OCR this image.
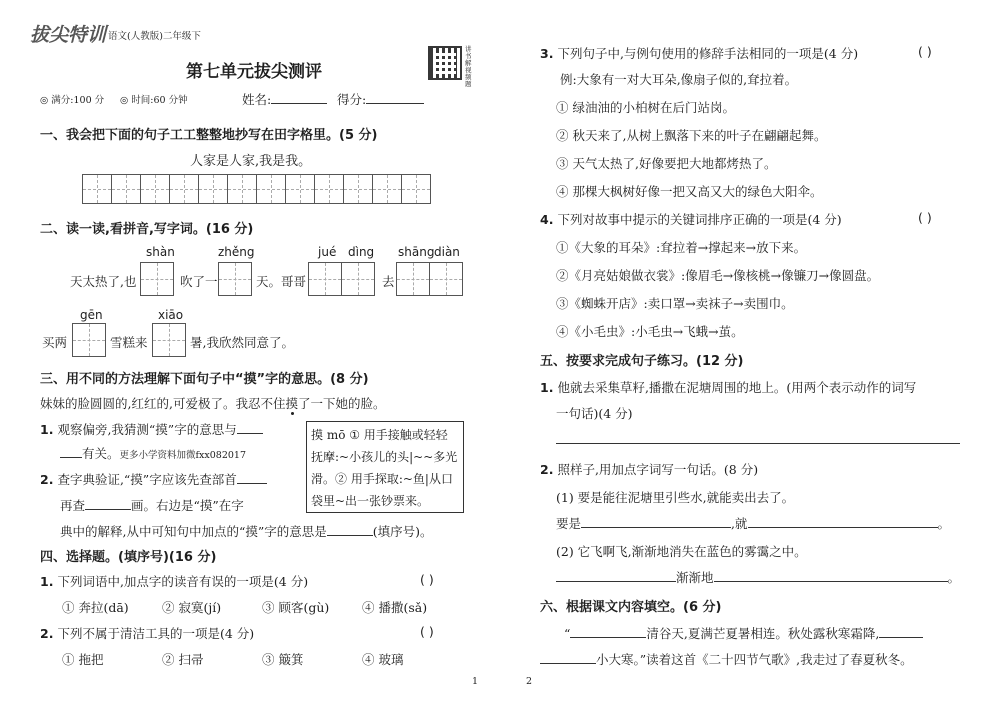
拔尖特训 语文(人教版)二年级下
第七单元拔尖测评
讲书解视频题
◎ 满分:100 分 ◎ 时间:60 分钟	姓名:	得分:
一、我会把下面的句子工工整整地抄写在田字格里。(5 分)
人家是人家,我是我。
二、读一读,看拼音,写字词。(16 分)
shàn	zhěng	jué dìng shāng diàn
天太热了,也	吹了一	天。哥哥	去
gēn	xiāo
买两	雪糕来	暑,我欣然同意了。
三、用不同的方法理解下面句子中“摸”字的意思。(8 分)
妹妹的脸圆圆的,红红的,可爱极了。我忍不住摸了一下她的脸。
1. 观察偏旁,我猜测“摸”字的意思与
有关。更多小学资料加微fxx082017
2. 查字典验证,“摸”字应该先查部首
再查	画。右边是“摸”在字
典中的解释,从中可知句中加点的“摸”字的意思是	(填序号)。
摸 mō ① 用手接触或轻轻抚摩:~小孩儿的头|~~多光滑。② 用手探取:~鱼|从口袋里~出一张钞票来。
四、选择题。(填序号)(16 分)
1. 下列词语中,加点字的读音有误的一项是(4 分)	( )
① 奔拉(dā)	② 寂寞(jí)	③ 顾客(gù)	④ 播撒(sǎ)
2. 下列不属于清洁工具的一项是(4 分)	( )
① 拖把	② 扫帚	③ 簸箕	④ 玻璃
1
3. 下列句子中,与例句使用的修辞手法相同的一项是(4 分)	( )
例:大象有一对大耳朵,像扇子似的,耷拉着。
① 绿油油的小柏树在后门站岗。
② 秋天来了,从树上飘落下来的叶子在翩翩起舞。
③ 天气太热了,好像要把大地都烤热了。
④ 那棵大枫树好像一把又高又大的绿色大阳伞。
4. 下列对故事中提示的关键词排序正确的一项是(4 分)	( )
①《大象的耳朵》:耷拉着→撑起来→放下来。
②《月亮姑娘做衣裳》:像眉毛→像核桃→像镰刀→像圆盘。
③《蜘蛛开店》:卖口罩→卖袜子→卖围巾。
④《小毛虫》:小毛虫→飞蛾→茧。
五、按要求完成句子练习。(12 分)
1. 他就去采集草籽,播撒在泥塘周围的地上。(用两个表示动作的词写
一句话)(4 分)
2. 照样子,用加点字词写一句话。(8 分)
(1) 要是能往泥塘里引些水,就能卖出去了。
要是	,就	。
(2) 它飞啊飞,渐渐地消失在蓝色的雾霭之中。
渐渐地	。
六、根据课文内容填空。(6 分)
“	清谷天,夏满芒夏暑相连。秋处露秋寒霜降,
小大寒。”读着这首《二十四节气歌》,我走过了春夏秋冬。
2
